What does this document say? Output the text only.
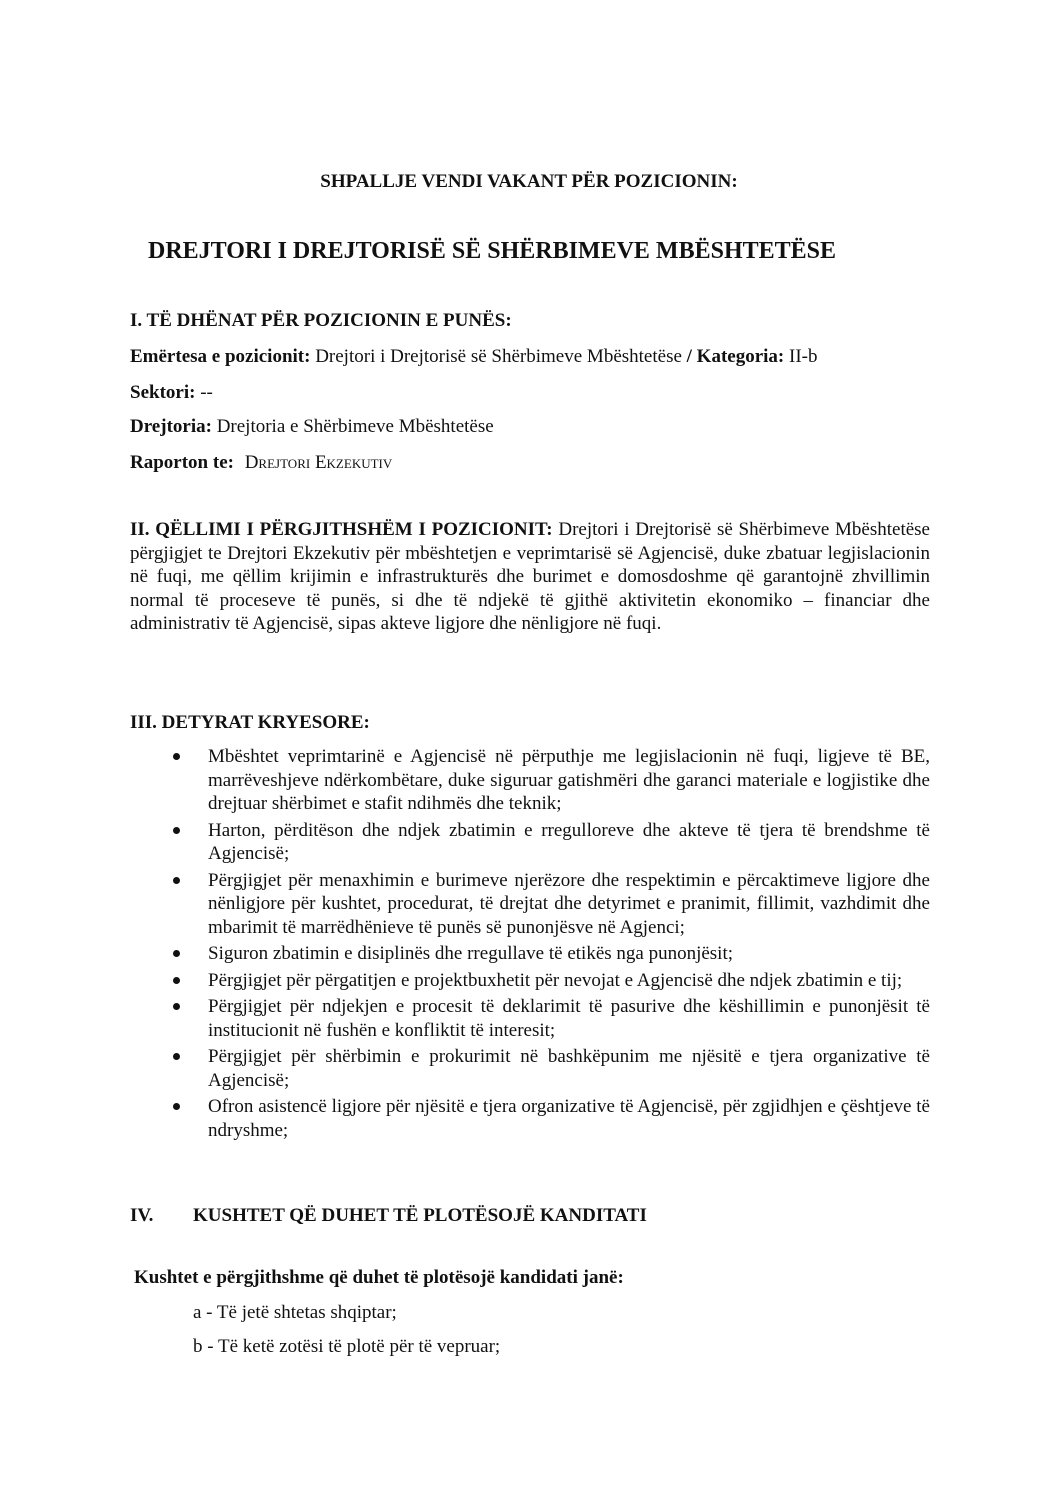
SHPALLJE VENDI VAKANT PËR POZICIONIN:
DREJTORI I DREJTORISË SË SHËRBIMEVE MBËSHTETËSE
I. TË DHËNAT PËR POZICIONIN E PUNËS:
Emërtesa e pozicionit: Drejtori i Drejtorisë së Shërbimeve Mbështetëse / Kategoria: II-b
Sektori: --
Drejtoria: Drejtoria e Shërbimeve Mbështetëse
Raporton te: Drejtori Ekzekutiv
II. QËLLIMI I PËRGJITHSHËM I POZICIONIT: Drejtori i Drejtorisë së Shërbimeve Mbështetëse përgjigjet te Drejtori Ekzekutiv për mbështetjen e veprimtarisë së Agjencisë, duke zbatuar legjislacionin në fuqi, me qëllim krijimin e infrastrukturës dhe burimet e domosdoshme që garantojnë zhvillimin normal të proceseve të punës, si dhe të ndjekë të gjithë aktivitetin ekonomiko – financiar dhe administrativ të Agjencisë, sipas akteve ligjore dhe nënligjore në fuqi.
III. DETYRAT KRYESORE:
Mbështet veprimtarinë e Agjencisë në përputhje me legjislacionin në fuqi, ligjeve të BE, marrëveshjeve ndërkombëtare, duke siguruar gatishmëri dhe garanci materiale e logjistike dhe drejtuar shërbimet e stafit ndihmës dhe teknik;
Harton, përditëson dhe ndjek zbatimin e rregulloreve dhe akteve të tjera të brendshme të Agjencisë;
Përgjigjet për menaxhimin e burimeve njerëzore dhe respektimin e përcaktimeve ligjore dhe nënligjore për kushtet, procedurat, të drejtat dhe detyrimet e pranimit, fillimit, vazhdimit dhe mbarimit të marrëdhënieve të punës së punonjësve në Agjenci;
Siguron zbatimin e disiplinës dhe rregullave të etikës nga punonjësit;
Përgjigjet për përgatitjen e projektbuxhetit për nevojat e Agjencisë dhe ndjek zbatimin e tij;
Përgjigjet për ndjekjen e procesit të deklarimit të pasurive dhe këshillimin e punonjësit të institucionit në fushën e konfliktit të interesit;
Përgjigjet për shërbimin e prokurimit në bashkëpunim me njësitë e tjera organizative të Agjencisë;
Ofron asistencë ligjore për njësitë e tjera organizative të Agjencisë, për zgjidhjen e çështjeve të ndryshme;
IV. KUSHTET QË DUHET TË PLOTËSOJË KANDITATI
Kushtet e përgjithshme që duhet të plotësojë kandidati janë:
a - Të jetë shtetas shqiptar;
b - Të ketë zotësi të plotë për të vepruar;
